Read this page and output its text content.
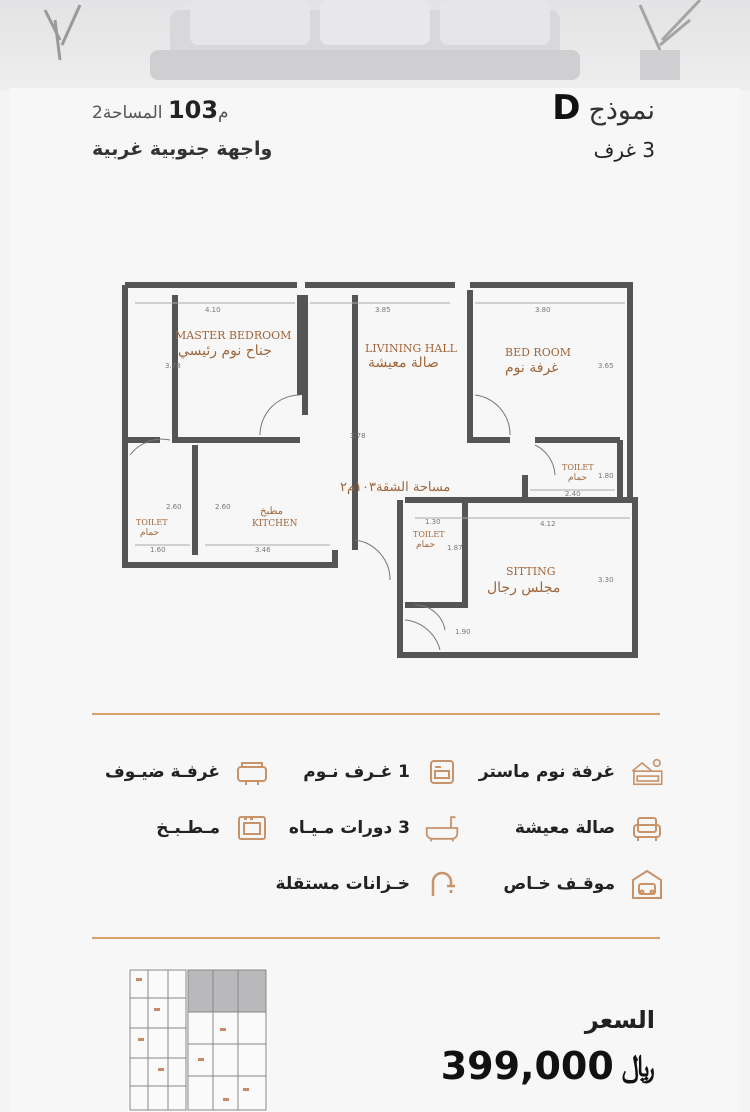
نموذجD
3 غرف
2م103 المساحة
واجهة جنوبية غربية
MASTER BEDROOM
جناح نوم رئيسي	LIVINING HALL
صالة معيشة
BED ROOM
غرفة نوم
TOILET
حمام
مساحة الشقة١٠٣م٢
مطبخ
KITCHEN
TOILET
حمام	TOILET
حمام
SITTING
مجلس رجال
4.10	3.85	3.80
3.78
3.78
3.65
2.60	2.60
2.40
1.80
1.60	3.46
1.30
1.87
4.12
3.30
1.90
غرفة نوم ماستر
1 غـرف نـوم
غرفـة ضيـوف
صالة معيشة
3 دورات مـيـاه
مـطـبـخ
موقـف خـاص
خـزانات مستقلة
السعر
399,000 ﷼
